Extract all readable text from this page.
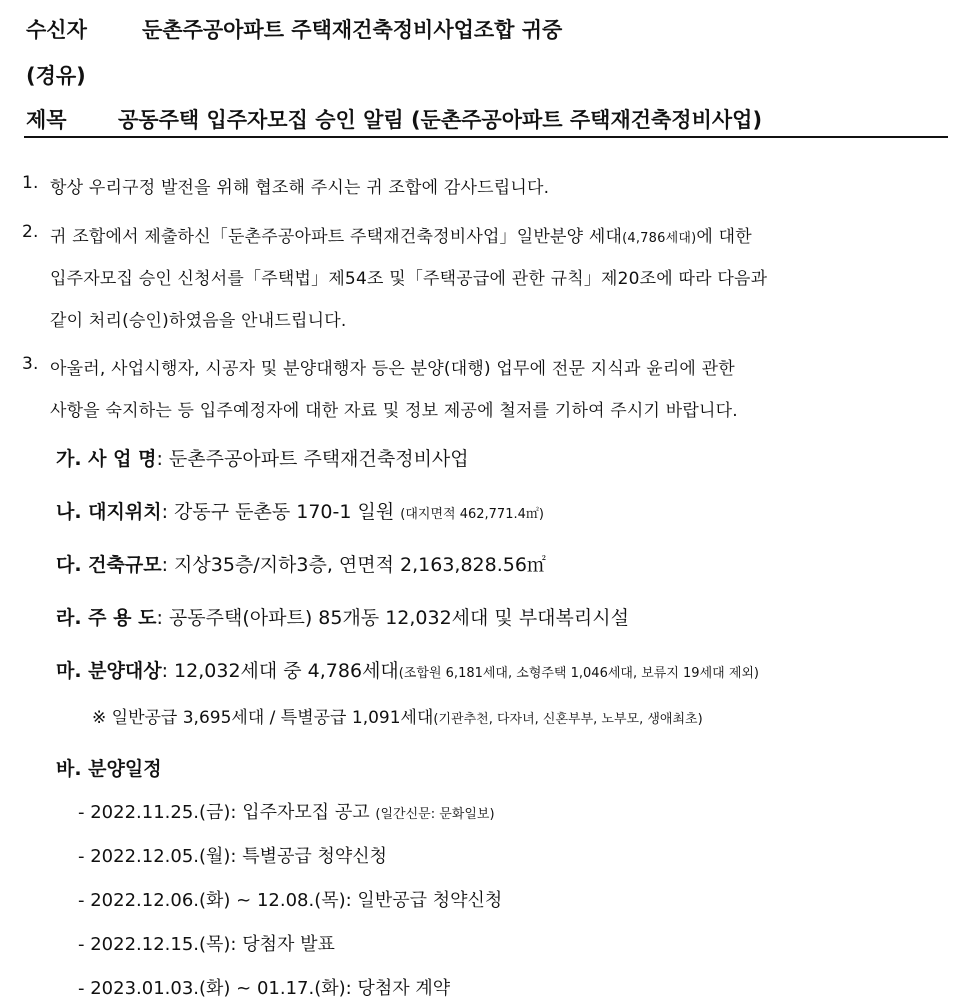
수신자	둔촌주공아파트 주택재건축정비사업조합 귀중
(경유)
제목 공동주택 입주자모집 승인 알림 (둔촌주공아파트 주택재건축정비사업)
1. 항상 우리구정 발전을 위해 협조해 주시는 귀 조합에 감사드립니다.
2. 귀 조합에서 제출하신「둔촌주공아파트 주택재건축정비사업」일반분양 세대(4,786세대)에 대한
입주자모집 승인 신청서를「주택법」제54조 및「주택공급에 관한 규칙」제20조에 따라 다음과
같이 처리(승인)하였음을 안내드립니다.
3. 아울러, 사업시행자, 시공자 및 분양대행자 등은 분양(대행) 업무에 전문 지식과 윤리에 관한
사항을 숙지하는 등 입주예정자에 대한 자료 및 정보 제공에 철저를 기하여 주시기 바랍니다.
가. 사 업 명: 둔촌주공아파트 주택재건축정비사업
나. 대지위치: 강동구 둔촌동 170-1 일원 (대지면적 462,771.4㎡)
다. 건축규모: 지상35층/지하3층, 연면적 2,163,828.56㎡
라. 주 용 도: 공동주택(아파트) 85개동 12,032세대 및 부대복리시설
마. 분양대상: 12,032세대 중 4,786세대(조합원 6,181세대, 소형주택 1,046세대, 보류지 19세대 제외)
※ 일반공급 3,695세대 / 특별공급 1,091세대(기관추천, 다자녀, 신혼부부, 노부모, 생애최초)
바. 분양일정
- 2022.11.25.(금): 입주자모집 공고 (일간신문: 문화일보)
- 2022.12.05.(월): 특별공급 청약신청
- 2022.12.06.(화) ~ 12.08.(목): 일반공급 청약신청
- 2022.12.15.(목): 당첨자 발표
- 2023.01.03.(화) ~ 01.17.(화): 당첨자 계약
